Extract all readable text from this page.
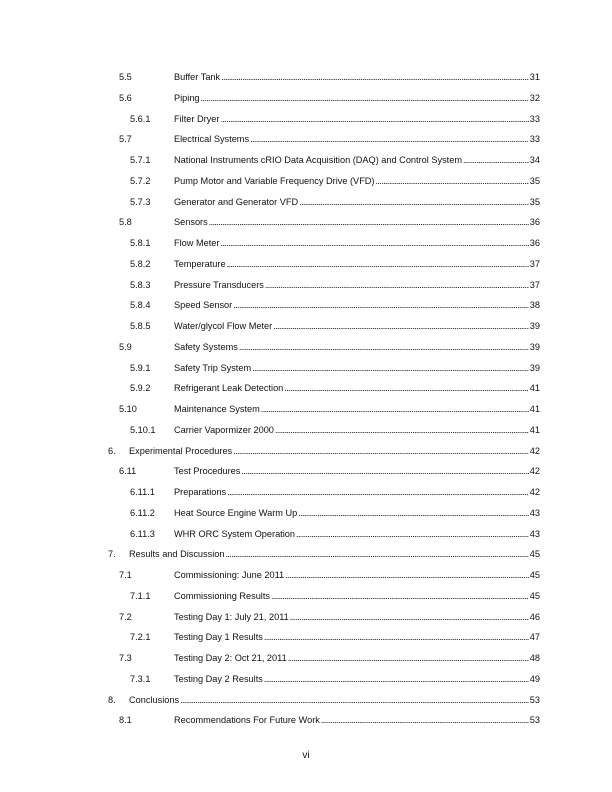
5.5	Buffer Tank . . .	31
5.6	Piping . . .	32
5.6.1	Filter Dryer . . .	33
5.7	Electrical Systems . . .	33
5.7.1	National Instruments cRIO Data Acquisition (DAQ) and Control System . . .	34
5.7.2	Pump Motor and Variable Frequency Drive (VFD) . . .	35
5.7.3	Generator and Generator VFD . . .	35
5.8	Sensors . . .	36
5.8.1	Flow Meter . . .	36
5.8.2	Temperature . . .	37
5.8.3	Pressure Transducers . . .	37
5.8.4	Speed Sensor . . .	38
5.8.5	Water/glycol Flow Meter . . .	39
5.9	Safety Systems . . .	39
5.9.1	Safety Trip System . . .	39
5.9.2	Refrigerant Leak Detection . . .	41
5.10	Maintenance System . . .	41
5.10.1 Carrier Vapormizer 2000 . . .	41
6. Experimental Procedures . . .	42
6.11	Test Procedures . . .	42
6.11.1 Preparations . . .	42
6.11.2 Heat Source Engine Warm Up . . .	43
6.11.3 WHR ORC System Operation . . .	43
7. Results and Discussion . . .	45
7.1	Commissioning: June 2011 . . .	45
7.1.1	Commissioning Results . . .	45
7.2	Testing Day 1: July 21, 2011 . . .	46
7.2.1	Testing Day 1 Results . . .	47
7.3	Testing Day 2: Oct 21, 2011 . . .	48
7.3.1	Testing Day 2 Results . . .	49
8. Conclusions . . .	53
8.1	Recommendations For Future Work . . .	53
vi
